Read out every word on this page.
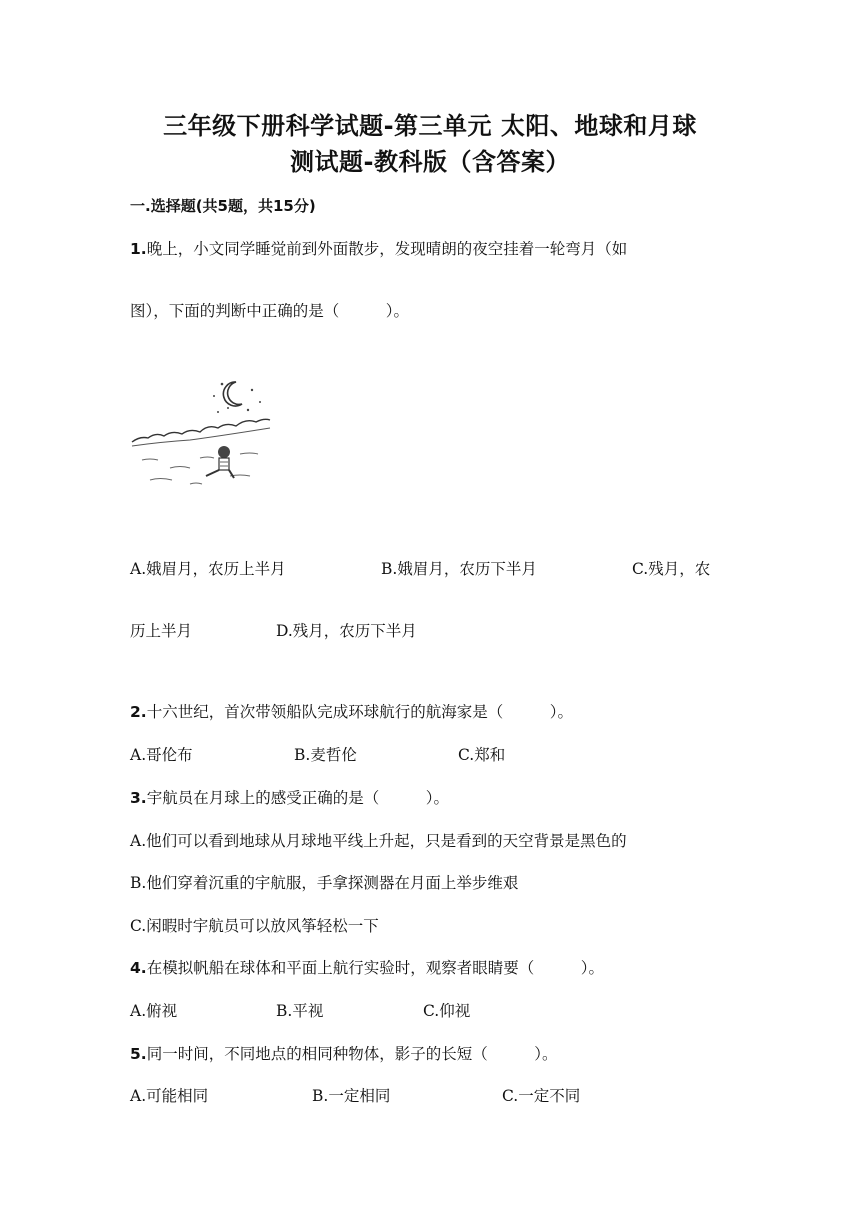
三年级下册科学试题-第三单元 太阳、地球和月球
测试题-教科版（含答案）
一.选择题(共5题，共15分)
1.晚上，小文同学睡觉前到外面散步，发现晴朗的夜空挂着一轮弯月（如
图），下面的判断中正确的是（　　　）。
A.娥眉月，农历上半月	B.娥眉月，农历下半月	C.残月，农
历上半月	D.残月，农历下半月
2.十六世纪，首次带领船队完成环球航行的航海家是（　　　）。
A.哥伦布	B.麦哲伦	C.郑和
3.宇航员在月球上的感受正确的是（　　　）。
A.他们可以看到地球从月球地平线上升起，只是看到的天空背景是黑色的
B.他们穿着沉重的宇航服，手拿探测器在月面上举步维艰
C.闲暇时宇航员可以放风筝轻松一下
4.在模拟帆船在球体和平面上航行实验时，观察者眼睛要（　　　）。
A.俯视	B.平视	C.仰视
5.同一时间，不同地点的相同种物体，影子的长短（　　　）。
A.可能相同	B.一定相同	C.一定不同
